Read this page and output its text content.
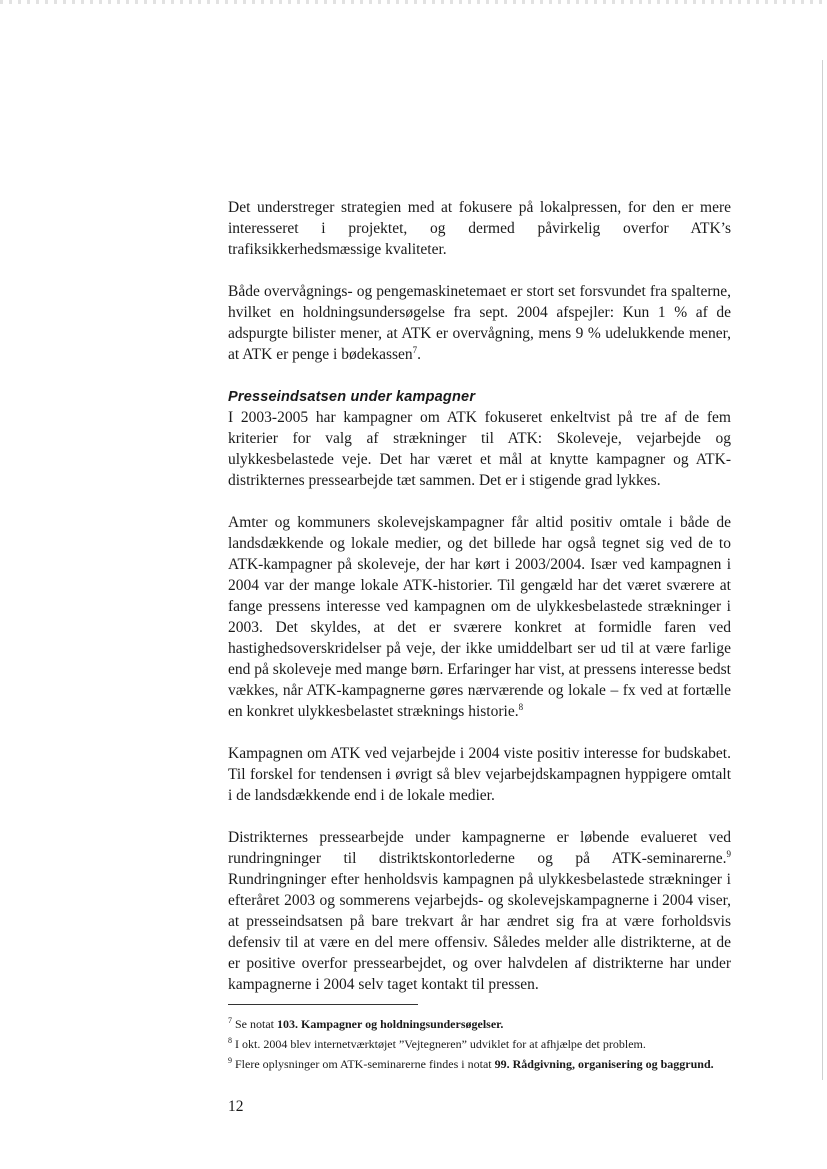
Det understreger strategien med at fokusere på lokalpressen, for den er mere interesseret i projektet, og dermed påvirkelig overfor ATK’s trafiksikkerhedsmæssige kvaliteter.

Både overvågnings- og pengemaskinetemaet er stort set forsvundet fra spalterne, hvilket en holdningsundersøgelse fra sept. 2004 afspejler: Kun 1 % af de adspurgte bilister mener, at ATK er overvågning, mens 9 % udelukkende mener, at ATK er penge i bødekassen$^7$.

Presseindsatsen under kampagner

I 2003-2005 har kampagner om ATK fokuseret enkeltvist på tre af de fem kriterier for valg af strækninger til ATK: Skoleveje, vejarbejde og ulykkesbelastede veje. Det har været et mål at knytte kampagner og ATK-distrikternes pressearbejde tæt sammen. Det er i stigende grad lykkes.

Amter og kommuners skolevejskampagner får altid positiv omtale i både de landsdækkende og lokale medier, og det billede har også tegnet sig ved de to ATK-kampagner på skoleveje, der har kørt i 2003/2004. Især ved kampagnen i 2004 var der mange lokale ATK-historier. Til gengæld har det været sværere at fange pressens interesse ved kampagnen om de ulykkesbelastede strækninger i 2003. Det skyldes, at det er sværere konkret at formidle faren ved hastighedsoverskridelser på veje, der ikke umiddelbart ser ud til at være farlige end på skoleveje med mange børn. Erfaringer har vist, at pressens interesse bedst vækkes, når ATK-kampagnerne gøres nærværende og lokale – fx ved at fortælle en konkret ulykkesbelastet stræknings historie.$^8$

Kampagnen om ATK ved vejarbejde i 2004 viste positiv interesse for budskabet. Til forskel for tendensen i øvrigt så blev vejarbejdskampagnen hyppigere omtalt i de landsdækkende end i de lokale medier.

Distrikternes pressearbejde under kampagnerne er løbende evalueret ved rundringninger til distriktskontorlederne og på ATK-seminarerne.$^9$ Rundringninger efter henholdsvis kampagnen på ulykkesbelastede strækninger i efteråret 2003 og sommerens vejarbejds- og skolevejskampagnerne i 2004 viser, at presseindsatsen på bare trekvart år har ændret sig fra at være forholdsvis defensiv til at være en del mere offensiv. Således melder alle distrikterne, at de er positive overfor pressearbejdet, og over halvdelen af distrikterne har under kampagnerne i 2004 selv taget kontakt til pressen.

$^7$ Se notat 103. Kampagner og holdningsundersøgelser.

$^8$ I okt. 2004 blev internetværktøjet ”Vejtegneren” udviklet for at afhjælpe det problem.

$^9$ Flere oplysninger om ATK-seminarerne findes i notat 99. Rådgivning, organisering og baggrund.

12
